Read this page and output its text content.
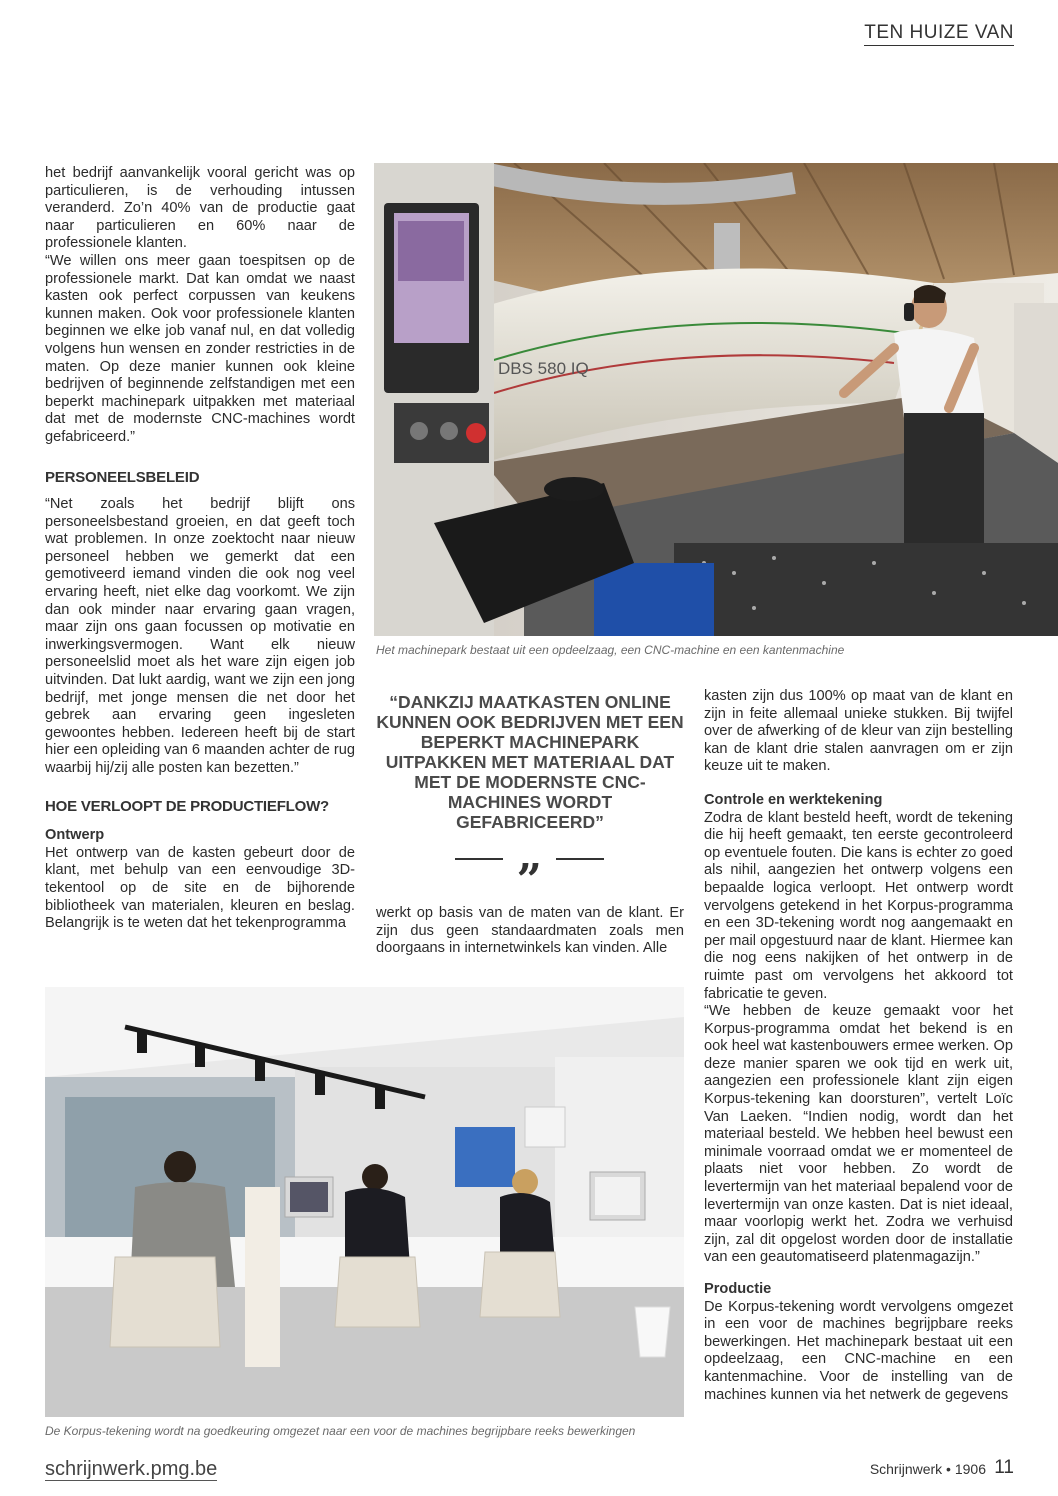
TEN HUIZE VAN

het bedrijf aanvankelijk vooral gericht was op particulieren, is de verhouding intussen veranderd. Zo’n 40% van de productie gaat naar particulieren en 60% naar de professionele klanten.

“We willen ons meer gaan toespitsen op de professionele markt. Dat kan omdat we naast kasten ook perfect corpussen van keukens kunnen maken. Ook voor professionele klanten beginnen we elke job vanaf nul, en dat volledig volgens hun wensen en zonder restricties in de maten. Op deze manier kunnen ook kleine bedrijven of beginnende zelfstandigen met een beperkt machinepark uitpakken met materiaal dat met de modernste CNC-machines wordt gefabriceerd.”

PERSONEELSBELEID

“Net zoals het bedrijf blijft ons personeelsbestand groeien, en dat geeft toch wat problemen. In onze zoektocht naar nieuw personeel hebben we gemerkt dat een gemotiveerd iemand vinden die ook nog veel ervaring heeft, niet elke dag voorkomt. We zijn dan ook minder naar ervaring gaan vragen, maar zijn ons gaan focussen op motivatie en inwerkingsvermogen. Want elk nieuw personeelslid moet als het ware zijn eigen job uitvinden. Dat lukt aardig, want we zijn een jong bedrijf, met jonge mensen die net door het gebrek aan ervaring geen ingesleten gewoontes hebben. Iedereen heeft bij de start hier een opleiding van 6 maanden achter de rug waarbij hij/zij alle posten kan bezetten.”

HOE VERLOOPT DE PRODUCTIEFLOW?
Ontwerp

Het ontwerp van de kasten gebeurt door de klant, met behulp van een eenvoudige 3D-tekentool op de site en de bijhorende bibliotheek van materialen, kleuren en beslag. Belangrijk is te weten dat het tekenprogramma

DBS 580 IQ
Het machinepark bestaat uit een opdeelzaag, een CNC-machine en een kantenmachine
“DANKZIJ MAATKASTEN ONLINE KUNNEN OOK BEDRIJVEN MET EEN BEPERKT MACHINEPARK UITPAKKEN MET MATERIAAL DAT MET DE MODERNSTE CNC-MACHINES WORDT GEFABRICEERD”
„

werkt op basis van de maten van de klant. Er zijn dus geen standaardmaten zoals men doorgaans in internetwinkels kan vinden. Alle

kasten zijn dus 100% op maat van de klant en zijn in feite allemaal unieke stukken. Bij twijfel over de afwerking of de kleur van zijn bestelling kan de klant drie stalen aanvragen om er zijn keuze uit te maken.

Controle en werktekening

Zodra de klant besteld heeft, wordt de tekening die hij heeft gemaakt, ten eerste gecontroleerd op eventuele fouten. Die kans is echter zo goed als nihil, aangezien het ontwerp volgens een bepaalde logica verloopt. Het ontwerp wordt vervolgens getekend in het Korpus-programma en een 3D-tekening wordt nog aangemaakt en per mail opgestuurd naar de klant. Hiermee kan die nog eens nakijken of het ontwerp in de ruimte past om vervolgens het akkoord tot fabricatie te geven.

“We hebben de keuze gemaakt voor het Korpus-programma omdat het bekend is en ook heel wat kastenbouwers ermee werken. Op deze manier sparen we ook tijd en werk uit, aangezien een professionele klant zijn eigen Korpus-tekening kan doorsturen”, vertelt Loïc Van Laeken. “Indien nodig, wordt dan het materiaal besteld. We hebben heel bewust een minimale voorraad omdat we er momenteel de plaats niet voor hebben. Zo wordt de levertermijn van het materiaal bepalend voor de levertermijn van onze kasten. Dat is niet ideaal, maar voorlopig werkt het. Zodra we verhuisd zijn, zal dit opgelost worden door de installatie van een geautomatiseerd platenmagazijn.”

Productie

De Korpus-tekening wordt vervolgens omgezet in een voor de machines begrijpbare reeks bewerkingen. Het machinepark bestaat uit een opdeelzaag, een CNC-machine en een kantenmachine. Voor de instelling van de machines kunnen via het netwerk de gegevens

De Korpus-tekening wordt na goedkeuring omgezet naar een voor de machines begrijpbare reeks bewerkingen
schrijnwerk.pmg.be	Schrijnwerk • 1906 11
